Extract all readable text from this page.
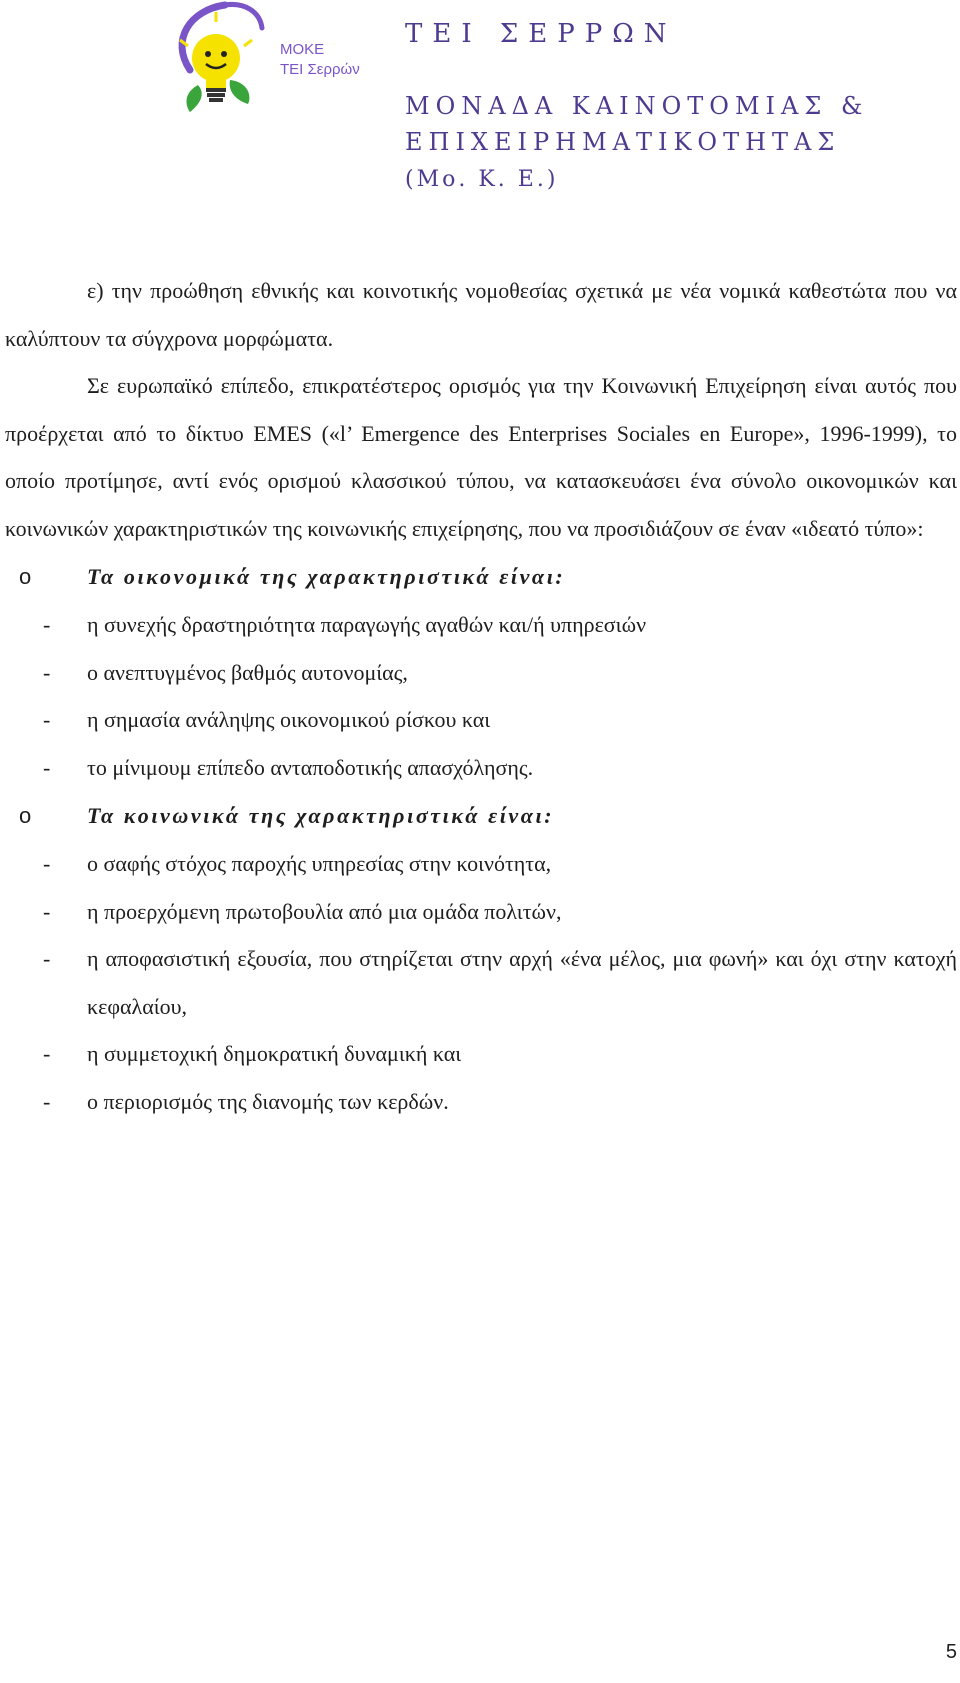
ΜΟΚΕ
ΤΕΙ Σερρών

ΤΕΙ ΣΕΡΡΩΝ

ΜΟΝΑΔΑ ΚΑΙΝΟΤΟΜΙΑΣ &

ΕΠΙΧΕΙΡΗΜΑΤΙΚΟΤΗΤΑΣ

(Μο. Κ. Ε.)

ε) την προώθηση εθνικής και κοινοτικής νομοθεσίας σχετικά με νέα νομικά καθεστώτα που να καλύπτουν τα σύγχρονα μορφώματα.

Σε ευρωπαϊκό επίπεδο, επικρατέστερος ορισμός για την Κοινωνική Επιχείρηση είναι αυτός που προέρχεται από το δίκτυο EMES («l’ Emergence des Enterprises Sociales en Europe», 1996-1999), το οποίο προτίμησε, αντί ενός ορισμού κλασσικού τύπου, να κατασκευάσει ένα σύνολο οικονομικών και κοινωνικών χαρακτηριστικών της κοινωνικής επιχείρησης, που να προσιδιάζουν σε έναν «ιδεατό τύπο»:

o	Τα οικονομικά της χαρακτηριστικά είναι:
-	η συνεχής δραστηριότητα παραγωγής αγαθών και/ή υπηρεσιών
-	ο ανεπτυγμένος βαθμός αυτονομίας,
-	η σημασία ανάληψης οικονομικού ρίσκου και
-	το μίνιμουμ επίπεδο ανταποδοτικής απασχόλησης.
o	Τα κοινωνικά της χαρακτηριστικά είναι:
-	ο σαφής στόχος παροχής υπηρεσίας στην κοινότητα,
-	η προερχόμενη πρωτοβουλία από μια ομάδα πολιτών,
-	η αποφασιστική εξουσία, που στηρίζεται στην αρχή «ένα μέλος, μια φωνή» και όχι στην κατοχή κεφαλαίου,
-	η συμμετοχική δημοκρατική δυναμική και
-	ο περιορισμός της διανομής των κερδών.
5
